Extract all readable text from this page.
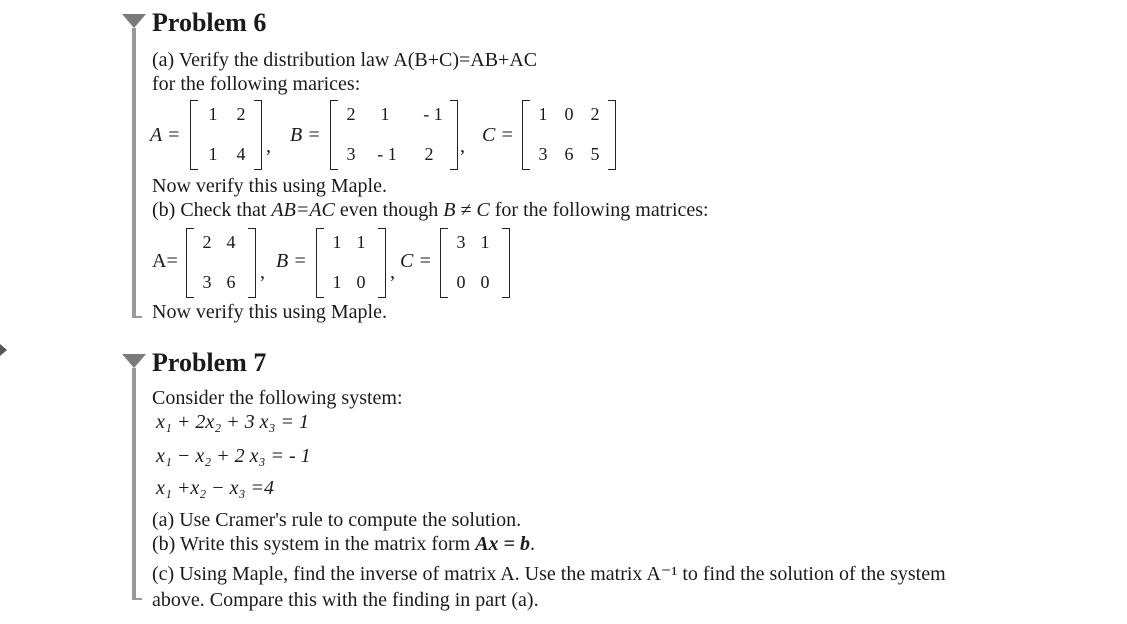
Problem 6
(a) Verify the distribution law A(B+C)=AB+AC
for the following marices:
A =
1	2
1	4	, B =
2	1	- 1
3	- 1	2	, C =
1 0 2
3 6 5
Now verify this using Maple.
(b) Check that AB=AC even though B ≠ C for the following matrices:
A=
2 4
3 6	, B =
1 1
1 0	, C =
3 1
0 0
Now verify this using Maple.
Problem 7
Consider the following system:
x₁ + 2x₂ + 3 x₃ = 1
x₁ − x₂ + 2 x₃ = - 1
x₁ +x₂ − x₃ =4
(a) Use Cramer's rule to compute the solution.
(b) Write this system in the matrix form Ax = b.
(c) Using Maple, find the inverse of matrix A. Use the matrix A⁻¹ to find the solution of the system
above. Compare this with the finding in part (a).
